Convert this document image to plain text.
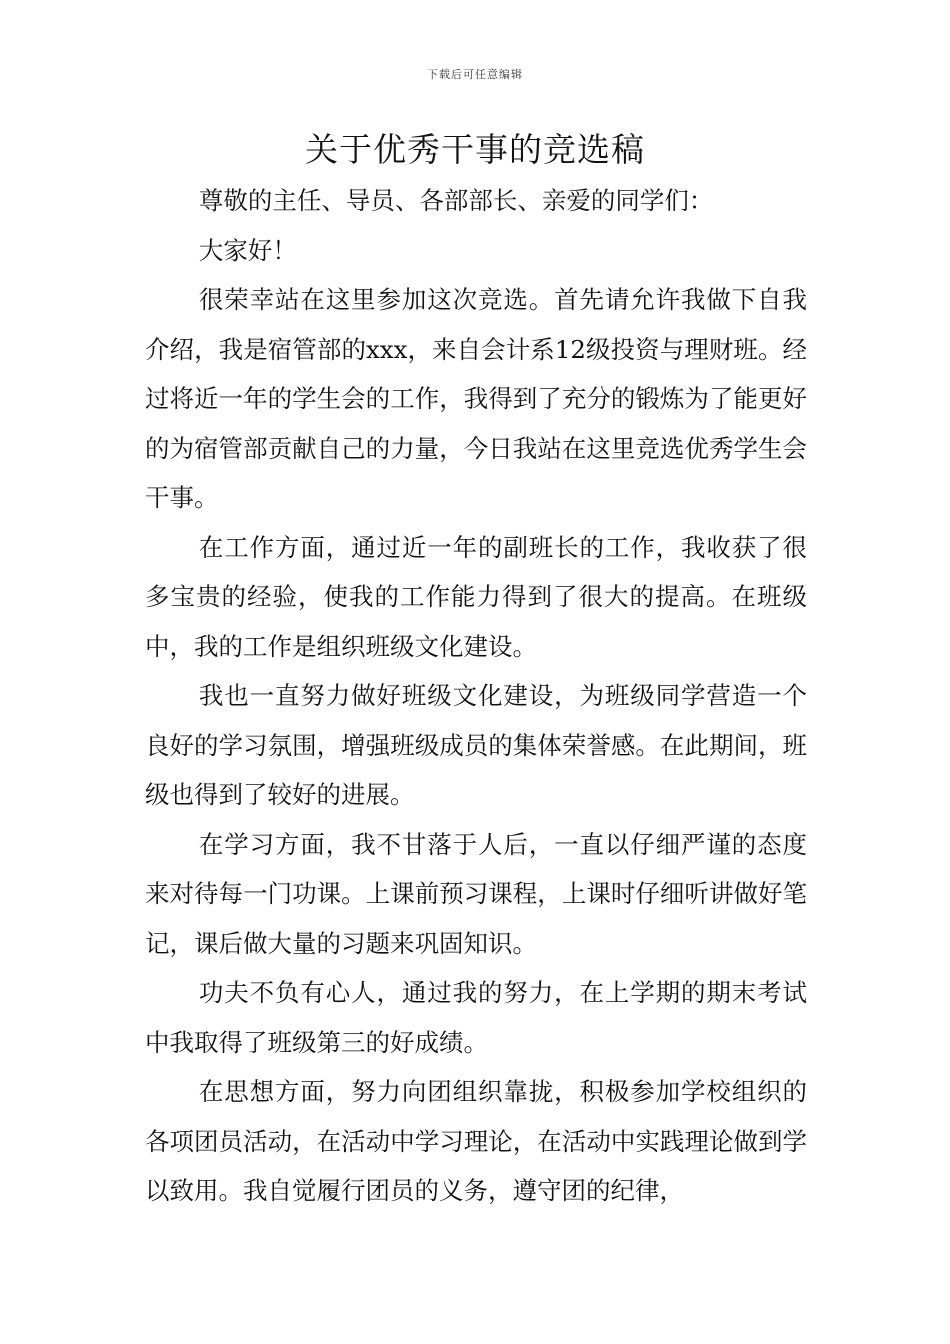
下载后可任意编辑
关于优秀干事的竞选稿

尊敬的主任、导员、各部部长、亲爱的同学们：

大家好！

很荣幸站在这里参加这次竞选。首先请允许我做下自我介绍，我是宿管部的xxx，来自会计系12级投资与理财班。经过将近一年的学生会的工作，我得到了充分的锻炼为了能更好的为宿管部贡献自己的力量，今日我站在这里竞选优秀学生会干事。

在工作方面，通过近一年的副班长的工作，我收获了很多宝贵的经验，使我的工作能力得到了很大的提高。在班级中，我的工作是组织班级文化建设。

我也一直努力做好班级文化建设，为班级同学营造一个良好的学习氛围，增强班级成员的集体荣誉感。在此期间，班级也得到了较好的进展。

在学习方面，我不甘落于人后，一直以仔细严谨的态度来对待每一门功课。上课前预习课程，上课时仔细听讲做好笔记，课后做大量的习题来巩固知识。

功夫不负有心人，通过我的努力，在上学期的期末考试中我取得了班级第三的好成绩。

在思想方面，努力向团组织靠拢，积极参加学校组织的各项团员活动，在活动中学习理论，在活动中实践理论做到学以致用。我自觉履行团员的义务，遵守团的纪律，
